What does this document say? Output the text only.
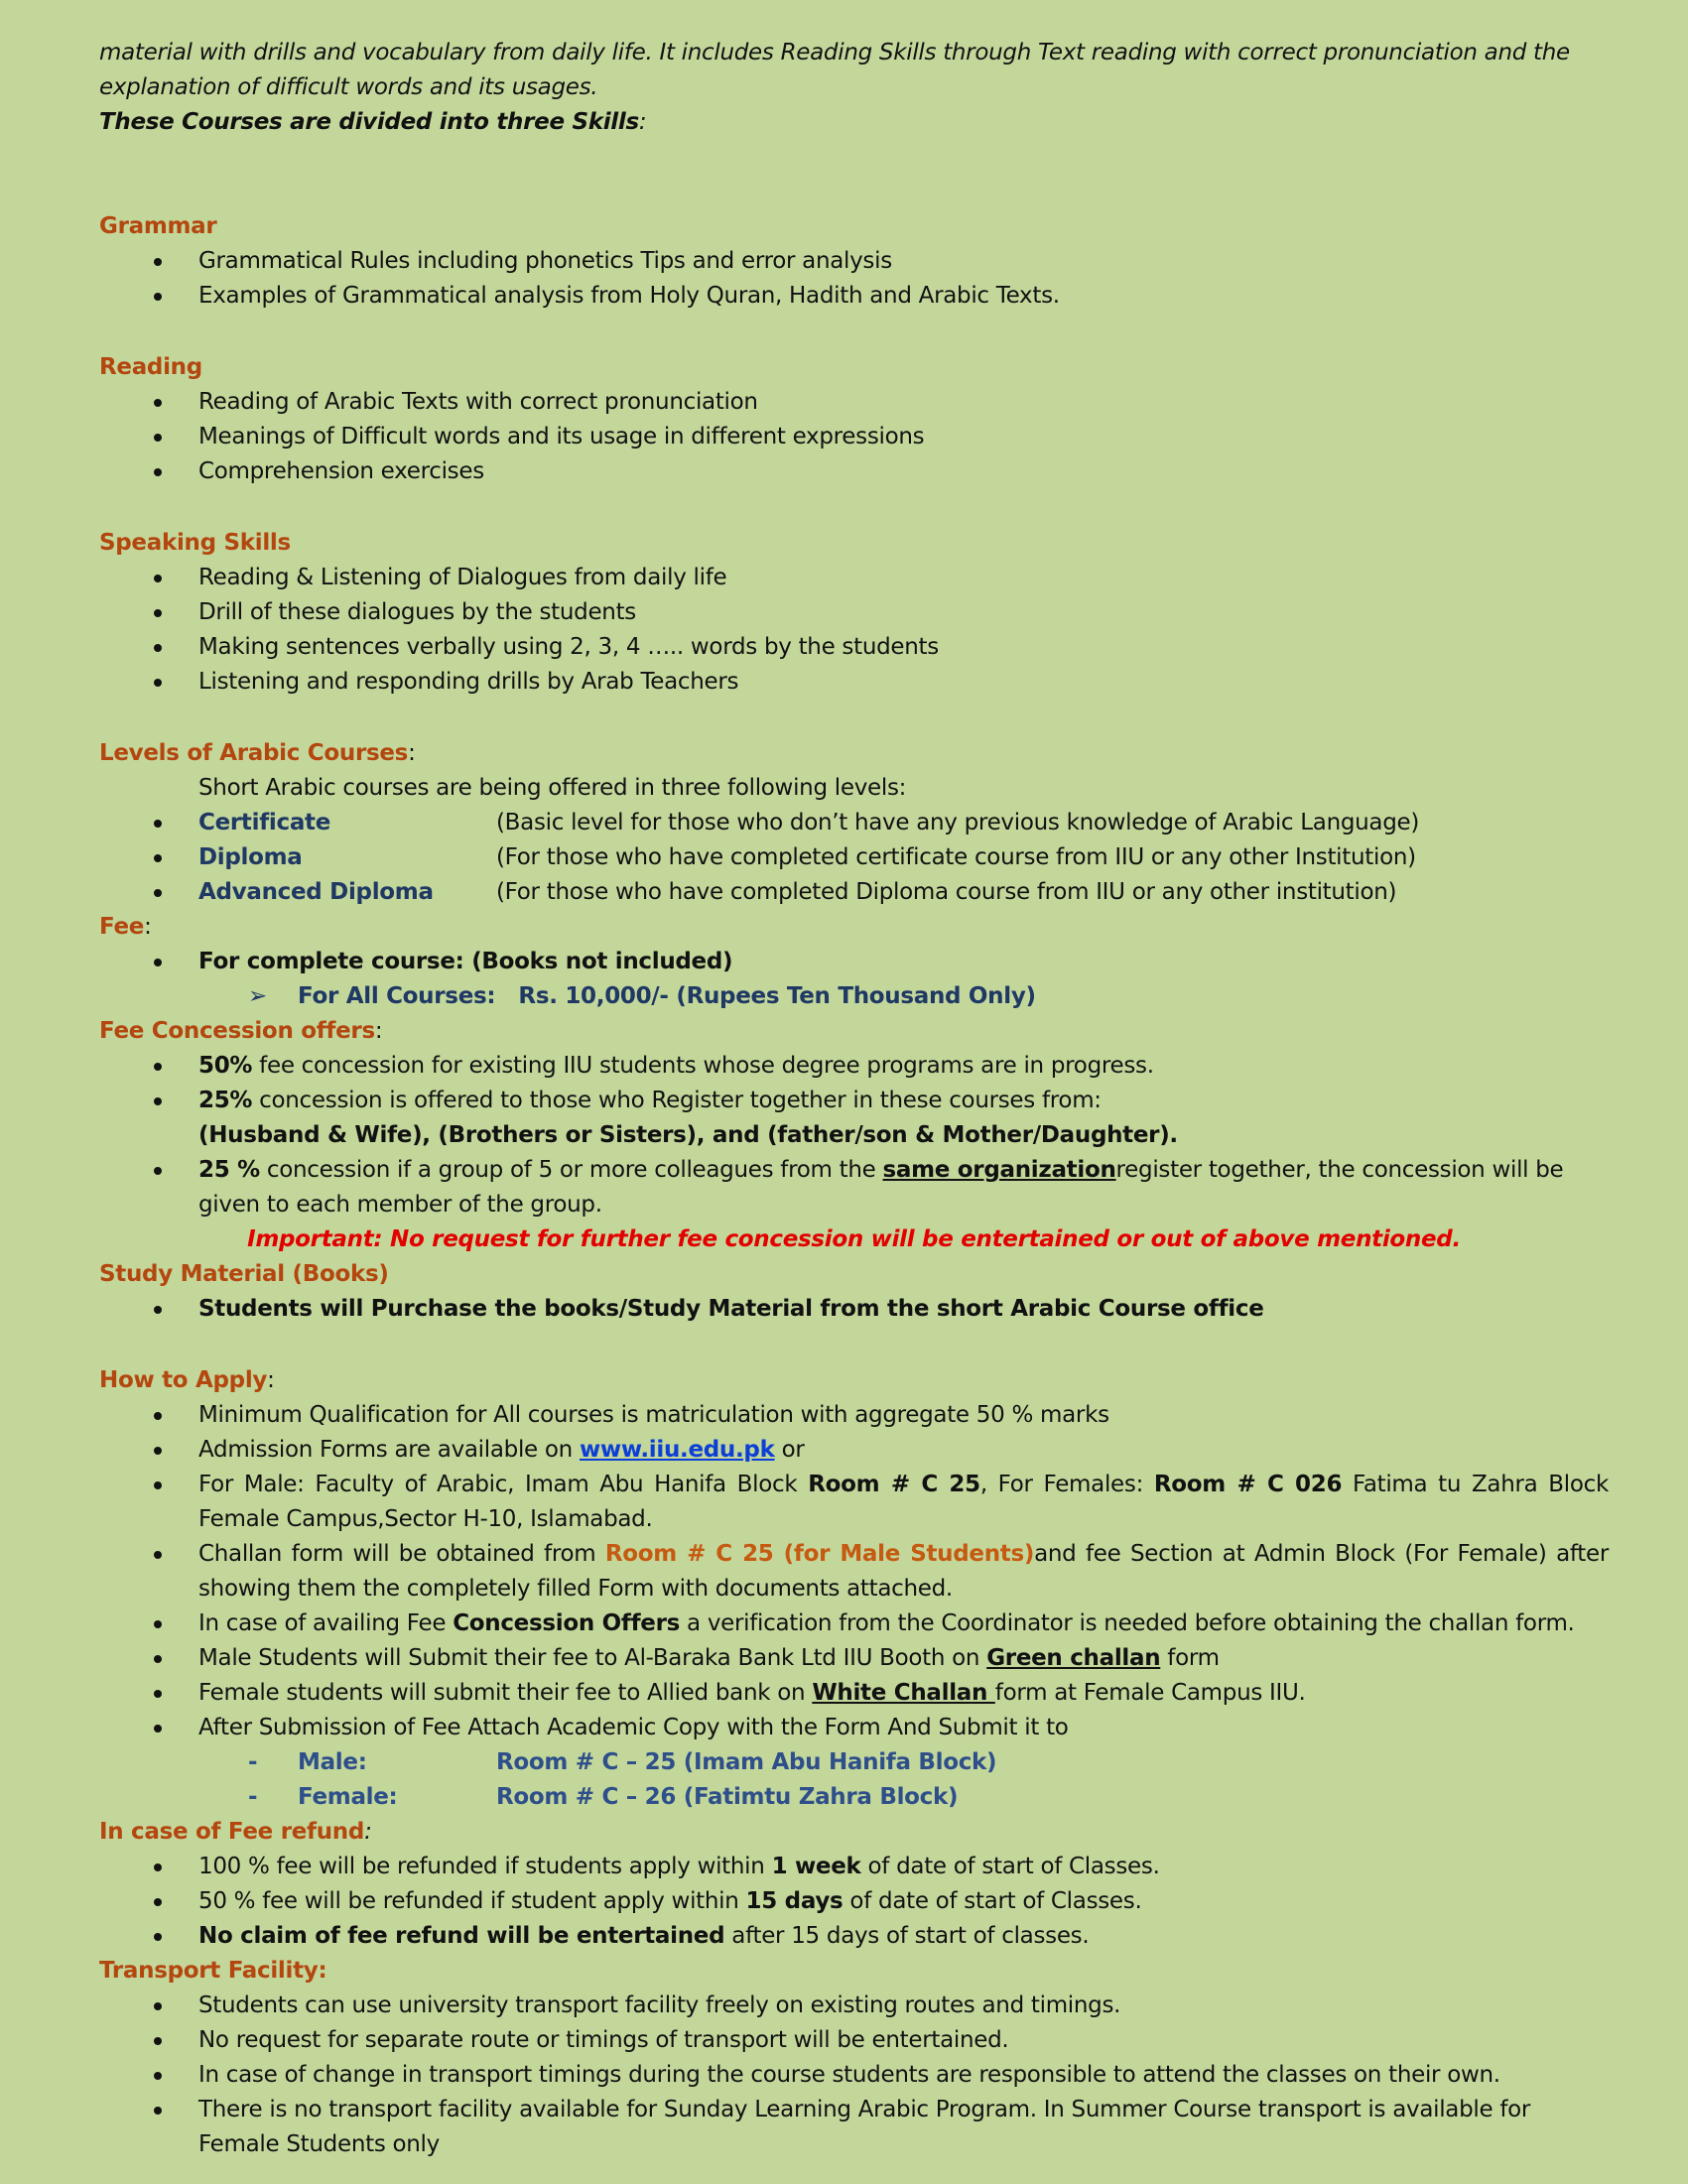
material with drills and vocabulary from daily life. It includes Reading Skills through Text reading with correct pronunciation and the explanation of difficult words and its usages.
These Courses are divided into three Skills:
Grammar
Grammatical Rules including phonetics Tips and error analysis
Examples of Grammatical analysis from Holy Quran, Hadith and Arabic Texts.
Reading
Reading of Arabic Texts with correct pronunciation
Meanings of Difficult words and its usage in different expressions
Comprehension exercises
Speaking Skills
Reading & Listening of Dialogues from daily life
Drill of these dialogues by the students
Making sentences verbally using 2, 3, 4 ….. words by the students
Listening and responding drills by Arab Teachers
Levels of Arabic Courses:
Short Arabic courses are being offered in three following levels:
Certificate	(Basic level for those who don’t have any previous knowledge of Arabic Language)
Diploma	(For those who have completed certificate course from IIU or any other Institution)
Advanced Diploma	(For those who have completed Diploma course from IIU or any other institution)
Fee:
For complete course: (Books not included)
➢ For All Courses: Rs. 10,000/- (Rupees Ten Thousand Only)
Fee Concession offers:
50% fee concession for existing IIU students whose degree programs are in progress.
25% concession is offered to those who Register together in these courses from:
(Husband & Wife), (Brothers or Sisters), and (father/son & Mother/Daughter).
25 % concession if a group of 5 or more colleagues from the same organizationregister together, the concession will be given to each member of the group.
Important: No request for further fee concession will be entertained or out of above mentioned.
Study Material (Books)
Students will Purchase the books/Study Material from the short Arabic Course office
How to Apply:
Minimum Qualification for All courses is matriculation with aggregate 50 % marks
Admission Forms are available on www.iiu.edu.pk or
For Male: Faculty of Arabic, Imam Abu Hanifa Block Room # C 25, For Females: Room # C 026 Fatima tu Zahra Block Female Campus,Sector H-10, Islamabad.
Challan form will be obtained from Room # C 25 (for Male Students)and fee Section at Admin Block (For Female) after showing them the completely filled Form with documents attached.
In case of availing Fee Concession Offers a verification from the Coordinator is needed before obtaining the challan form.
Male Students will Submit their fee to Al-Baraka Bank Ltd IIU Booth on Green challan form
Female students will submit their fee to Allied bank on White Challan form at Female Campus IIU.
After Submission of Fee Attach Academic Copy with the Form And Submit it to
- Male:	Room # C – 25 (Imam Abu Hanifa Block)
- Female:	Room # C – 26 (Fatimtu Zahra Block)
In case of Fee refund:
100 % fee will be refunded if students apply within 1 week of date of start of Classes.
50 % fee will be refunded if student apply within 15 days of date of start of Classes.
No claim of fee refund will be entertained after 15 days of start of classes.
Transport Facility:
Students can use university transport facility freely on existing routes and timings.
No request for separate route or timings of transport will be entertained.
In case of change in transport timings during the course students are responsible to attend the classes on their own.
There is no transport facility available for Sunday Learning Arabic Program. In Summer Course transport is available for Female Students only
